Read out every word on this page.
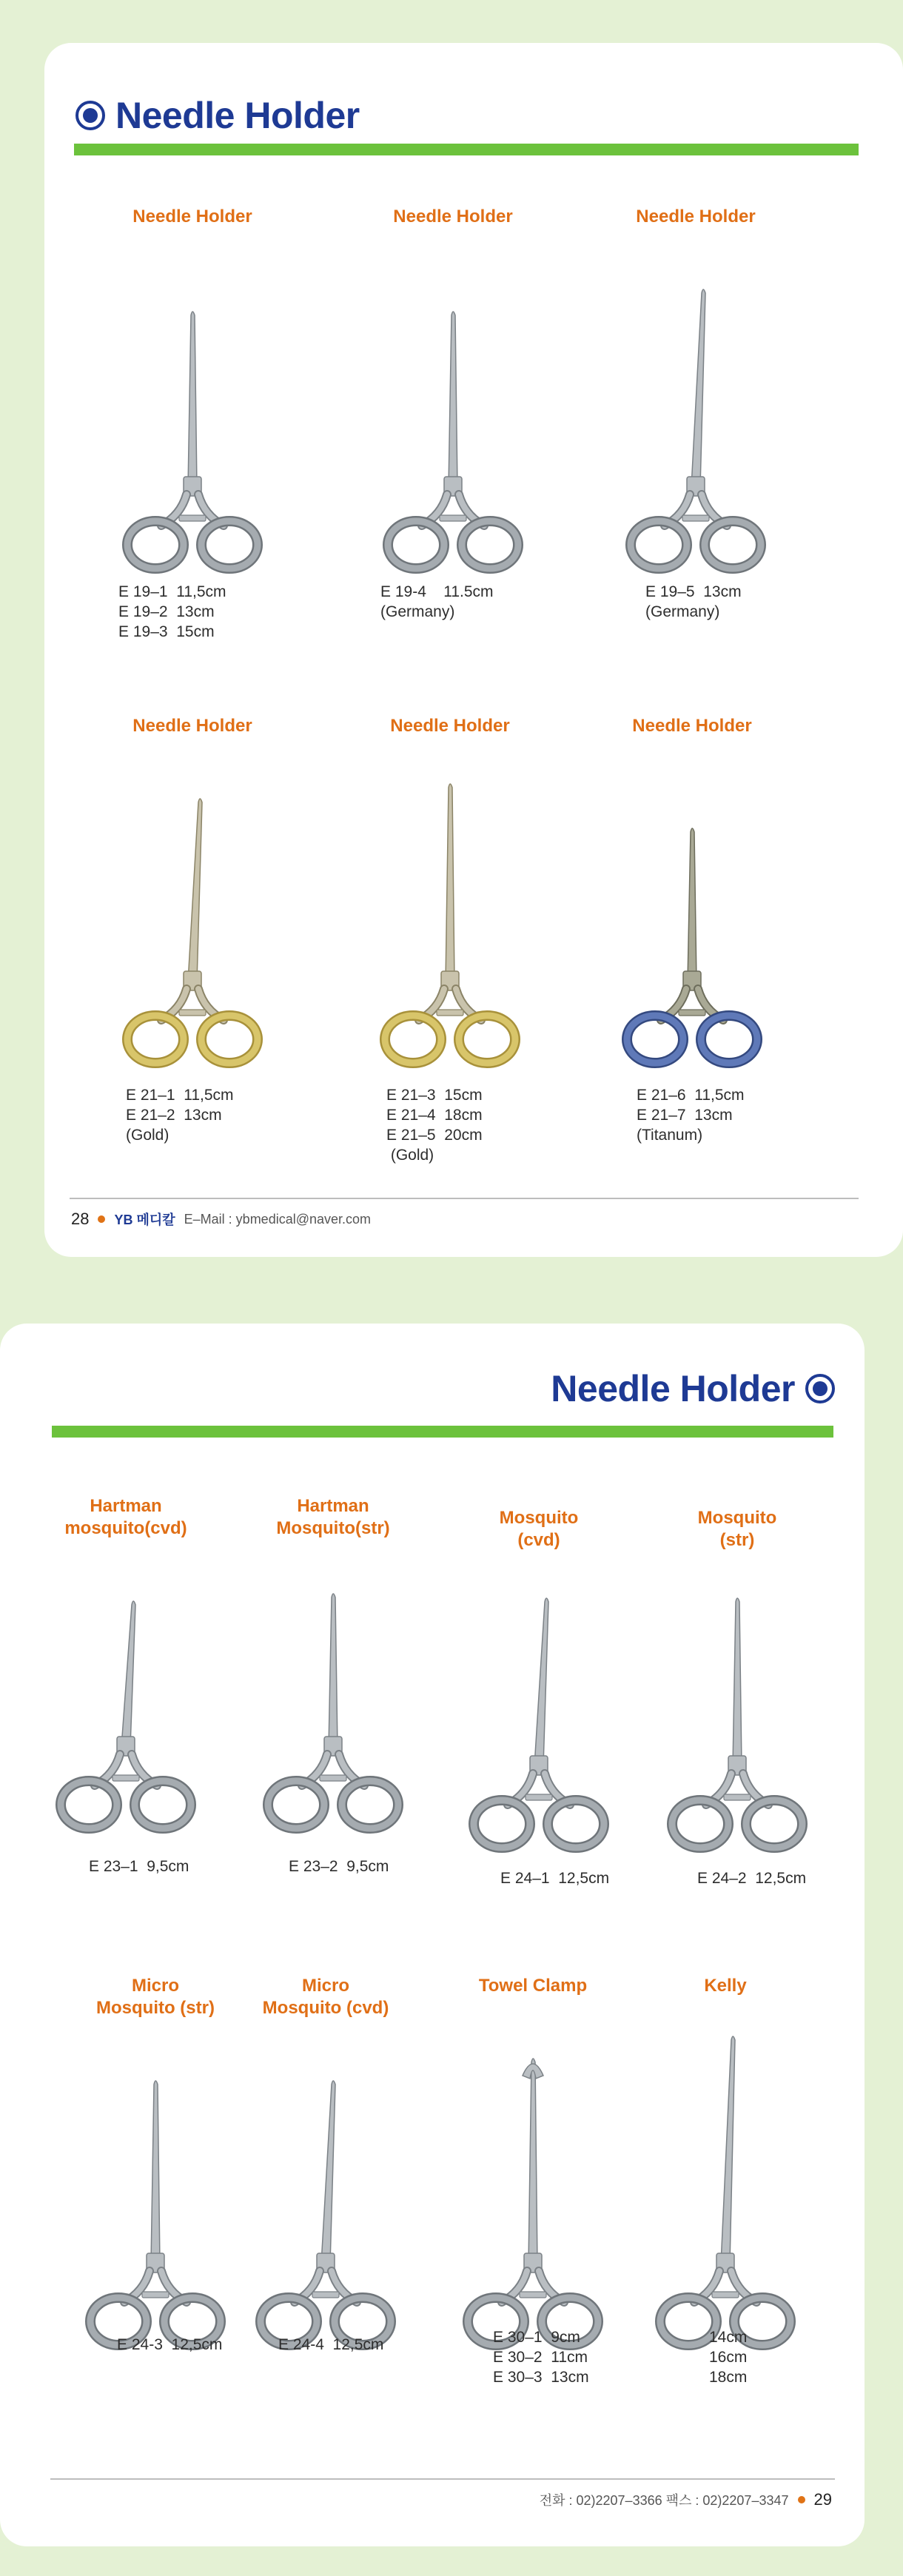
Needle Holder
Needle Holder
E 19–1  11,5cm
E 19–2  13cm
E 19–3  15cm
Needle Holder
E 19-4    11.5cm
(Germany)
Needle Holder
E 19–5  13cm
(Germany)
Needle Holder
E 21–1  11,5cm
E 21–2  13cm
(Gold)
Needle Holder
E 21–3  15cm
E 21–4  18cm
E 21–5  20cm
(Gold)
Needle Holder
E 21–6  11,5cm
E 21–7  13cm
(Titanum)
28 YB 메디칼 E–Mail : ybmedical@naver.com
Needle Holder
Hartman
mosquito(cvd)
E 23–1  9,5cm
Hartman
Mosquito(str)
E 23–2  9,5cm
Mosquito
(cvd)
E 24–1  12,5cm
Mosquito
(str)
E 24–2  12,5cm
Micro
Mosquito (str)
E 24-3  12,5cm
Micro
Mosquito (cvd)
E 24-4  12,5cm
Towel Clamp
E 30–1  9cm
E 30–2  11cm
E 30–3  13cm
Kelly
14cm
16cm
18cm
전화 : 02)2207–3366 팩스 : 02)2207–3347 29
